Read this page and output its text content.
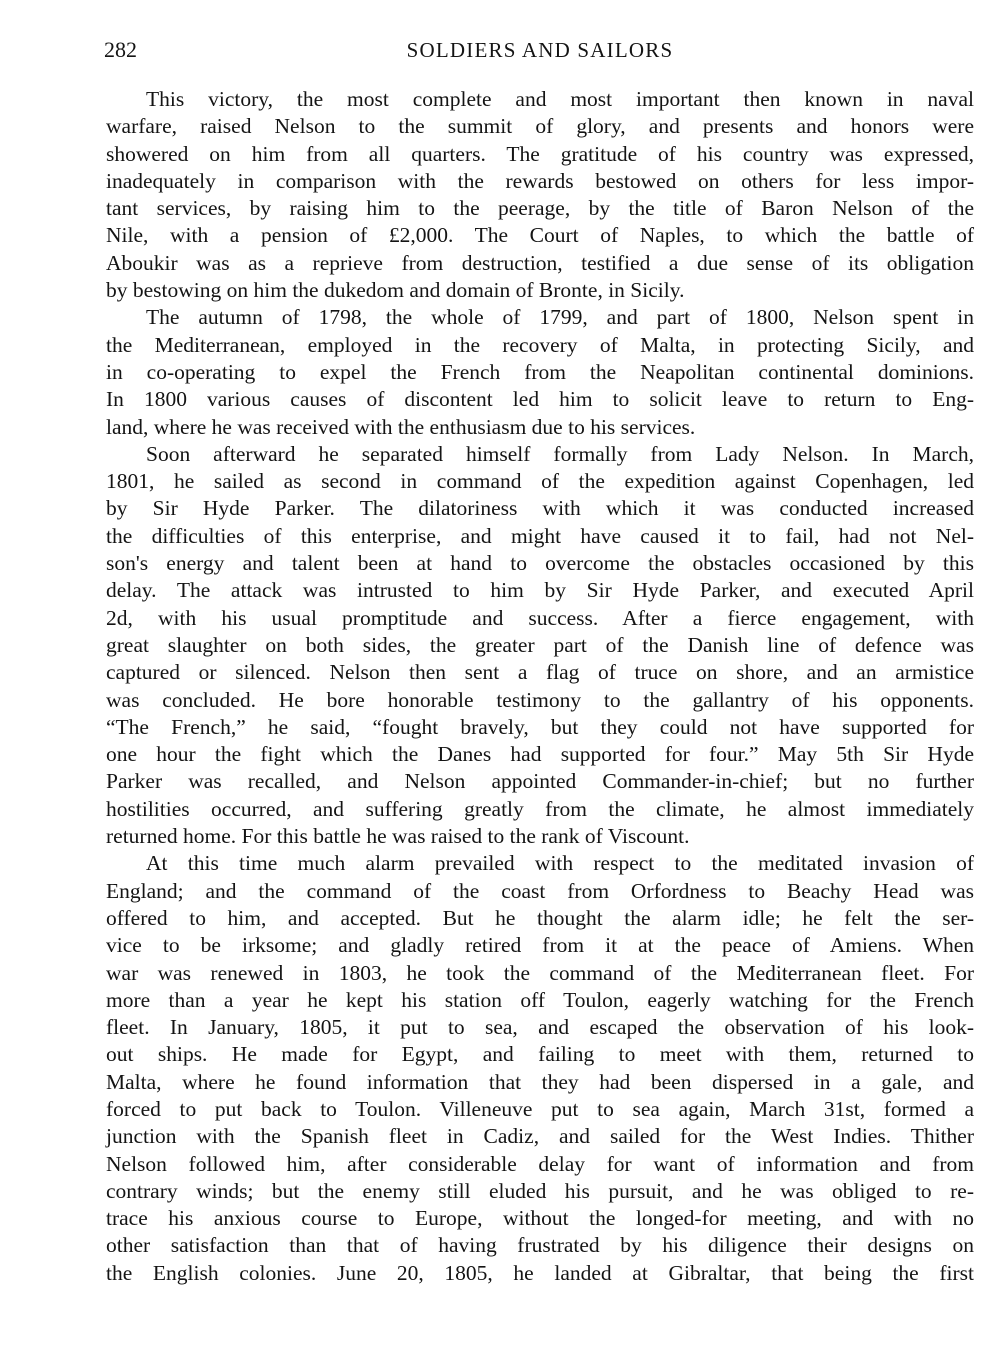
282	SOLDIERS AND SAILORS

This victory, the most complete and most important then known in naval
warfare, raised Nelson to the summit of glory, and presents and honors were
showered on him from all quarters. The gratitude of his country was expressed,
inadequately in comparison with the rewards bestowed on others for less impor-
tant services, by raising him to the peerage, by the title of Baron Nelson of the
Nile, with a pension of £2,000. The Court of Naples, to which the battle of
Aboukir was as a reprieve from destruction, testified a due sense of its obligation
by bestowing on him the dukedom and domain of Bronte, in Sicily.

The autumn of 1798, the whole of 1799, and part of 1800, Nelson spent in
the Mediterranean, employed in the recovery of Malta, in protecting Sicily, and
in co-operating to expel the French from the Neapolitan continental dominions.
In 1800 various causes of discontent led him to solicit leave to return to Eng-
land, where he was received with the enthusiasm due to his services.

Soon afterward he separated himself formally from Lady Nelson. In March,
1801, he sailed as second in command of the expedition against Copenhagen, led
by Sir Hyde Parker. The dilatoriness with which it was conducted increased
the difficulties of this enterprise, and might have caused it to fail, had not Nel-
son's energy and talent been at hand to overcome the obstacles occasioned by this
delay. The attack was intrusted to him by Sir Hyde Parker, and executed April
2d, with his usual promptitude and success. After a fierce engagement, with
great slaughter on both sides, the greater part of the Danish line of defence was
captured or silenced. Nelson then sent a flag of truce on shore, and an armistice
was concluded. He bore honorable testimony to the gallantry of his opponents.
“The French,” he said, “fought bravely, but they could not have supported for
one hour the fight which the Danes had supported for four.” May 5th Sir Hyde
Parker was recalled, and Nelson appointed Commander-in-chief; but no further
hostilities occurred, and suffering greatly from the climate, he almost immediately
returned home. For this battle he was raised to the rank of Viscount.

At this time much alarm prevailed with respect to the meditated invasion of
England; and the command of the coast from Orfordness to Beachy Head was
offered to him, and accepted. But he thought the alarm idle; he felt the ser-
vice to be irksome; and gladly retired from it at the peace of Amiens. When
war was renewed in 1803, he took the command of the Mediterranean fleet. For
more than a year he kept his station off Toulon, eagerly watching for the French
fleet. In January, 1805, it put to sea, and escaped the observation of his look-
out ships. He made for Egypt, and failing to meet with them, returned to
Malta, where he found information that they had been dispersed in a gale, and
forced to put back to Toulon. Villeneuve put to sea again, March 31st, formed a
junction with the Spanish fleet in Cadiz, and sailed for the West Indies. Thither
Nelson followed him, after considerable delay for want of information and from
contrary winds; but the enemy still eluded his pursuit, and he was obliged to re-
trace his anxious course to Europe, without the longed-for meeting, and with no
other satisfaction than that of having frustrated by his diligence their designs on
the English colonies. June 20, 1805, he landed at Gibraltar, that being the first
